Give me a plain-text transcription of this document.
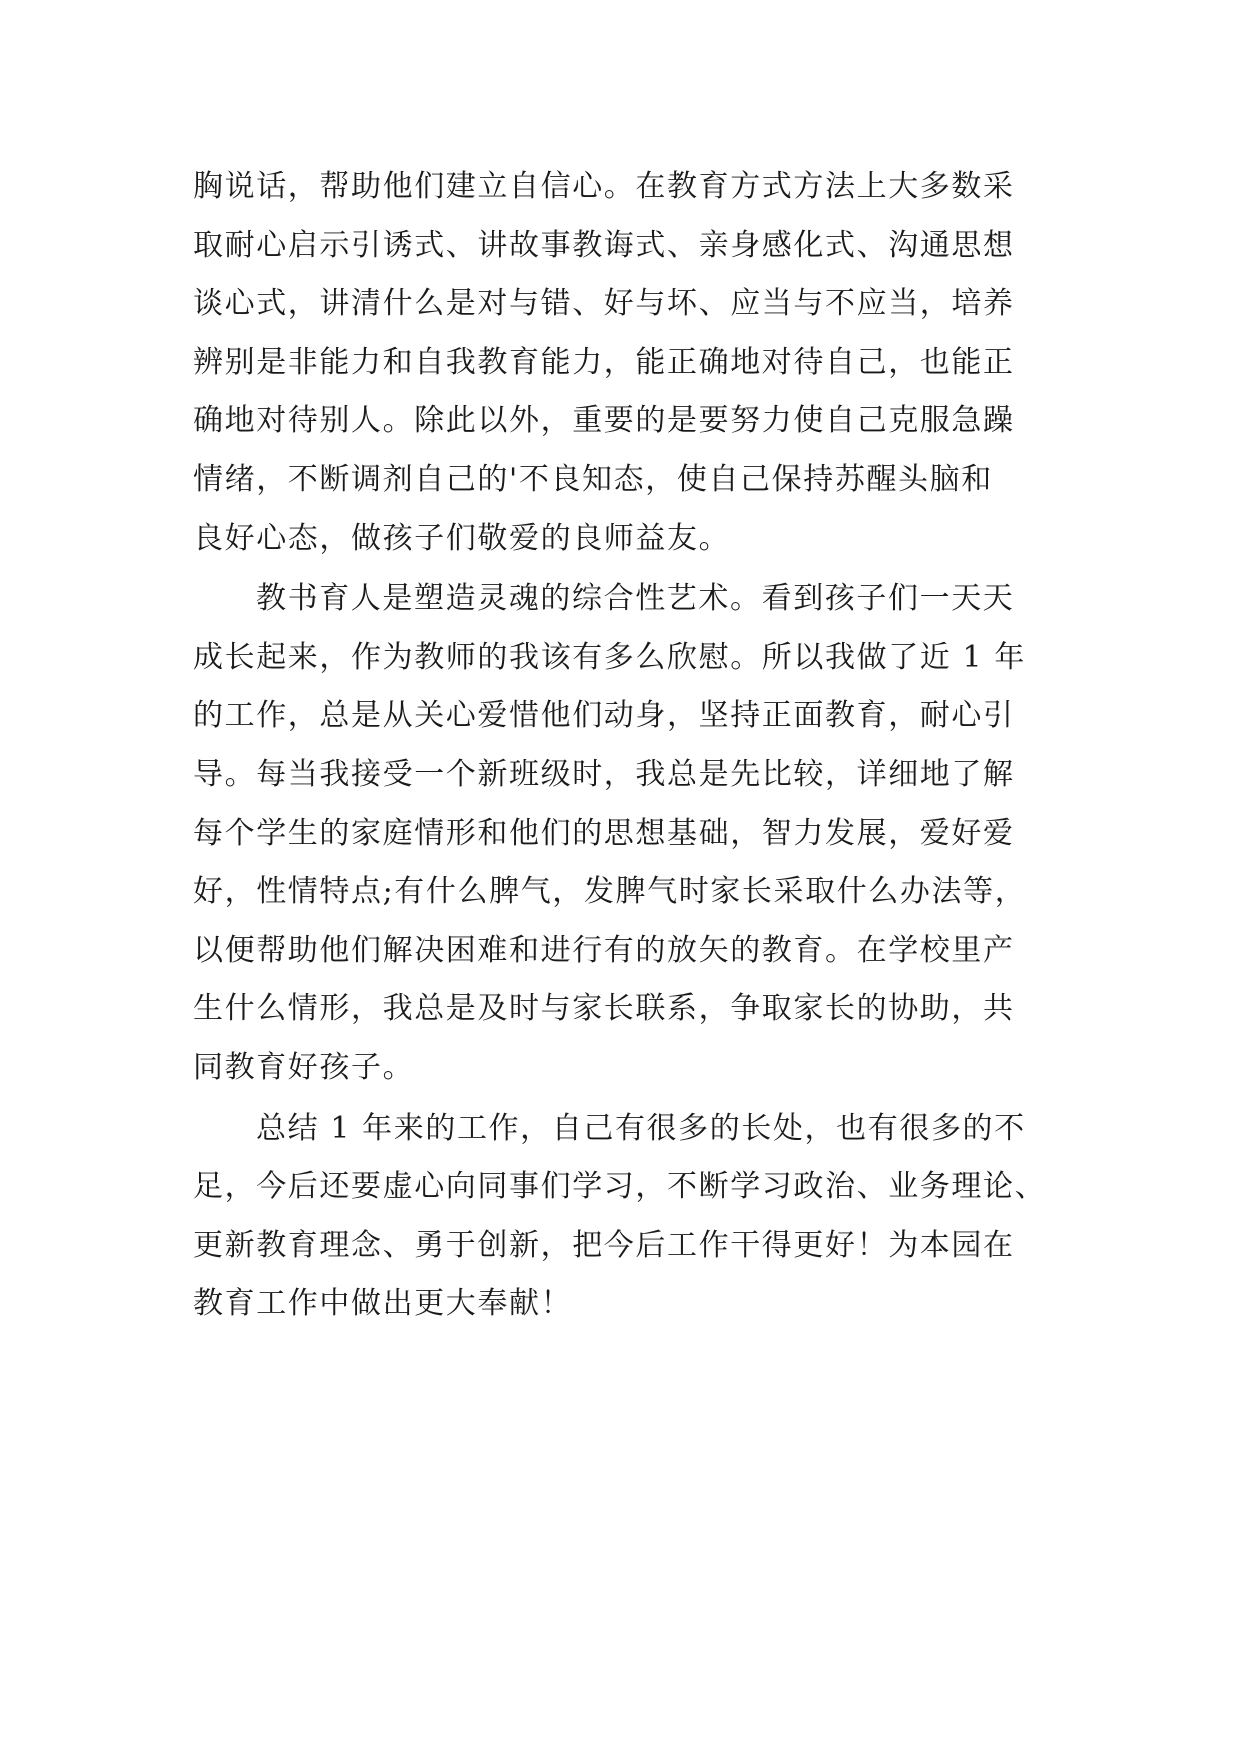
胸说话，帮助他们建立自信心。在教育方式方法上大多数采
取耐心启示引诱式、讲故事教诲式、亲身感化式、沟通思想
谈心式，讲清什么是对与错、好与坏、应当与不应当，培养
辨别是非能力和自我教育能力，能正确地对待自己，也能正
确地对待别人。除此以外，重要的是要努力使自己克服急躁
情绪，不断调剂自己的'不良知态，使自己保持苏醒头脑和
良好心态，做孩子们敬爱的良师益友。
教书育人是塑造灵魂的综合性艺术。看到孩子们一天天
成长起来，作为教师的我该有多么欣慰。所以我做了近 1 年
的工作，总是从关心爱惜他们动身，坚持正面教育，耐心引
导。每当我接受一个新班级时，我总是先比较，详细地了解
每个学生的家庭情形和他们的思想基础，智力发展，爱好爱
好，性情特点;有什么脾气，发脾气时家长采取什么办法等，
以便帮助他们解决困难和进行有的放矢的教育。在学校里产
生什么情形，我总是及时与家长联系，争取家长的协助，共
同教育好孩子。
总结 1 年来的工作，自己有很多的长处，也有很多的不
足，今后还要虚心向同事们学习，不断学习政治、业务理论、
更新教育理念、勇于创新，把今后工作干得更好！为本园在
教育工作中做出更大奉献！
